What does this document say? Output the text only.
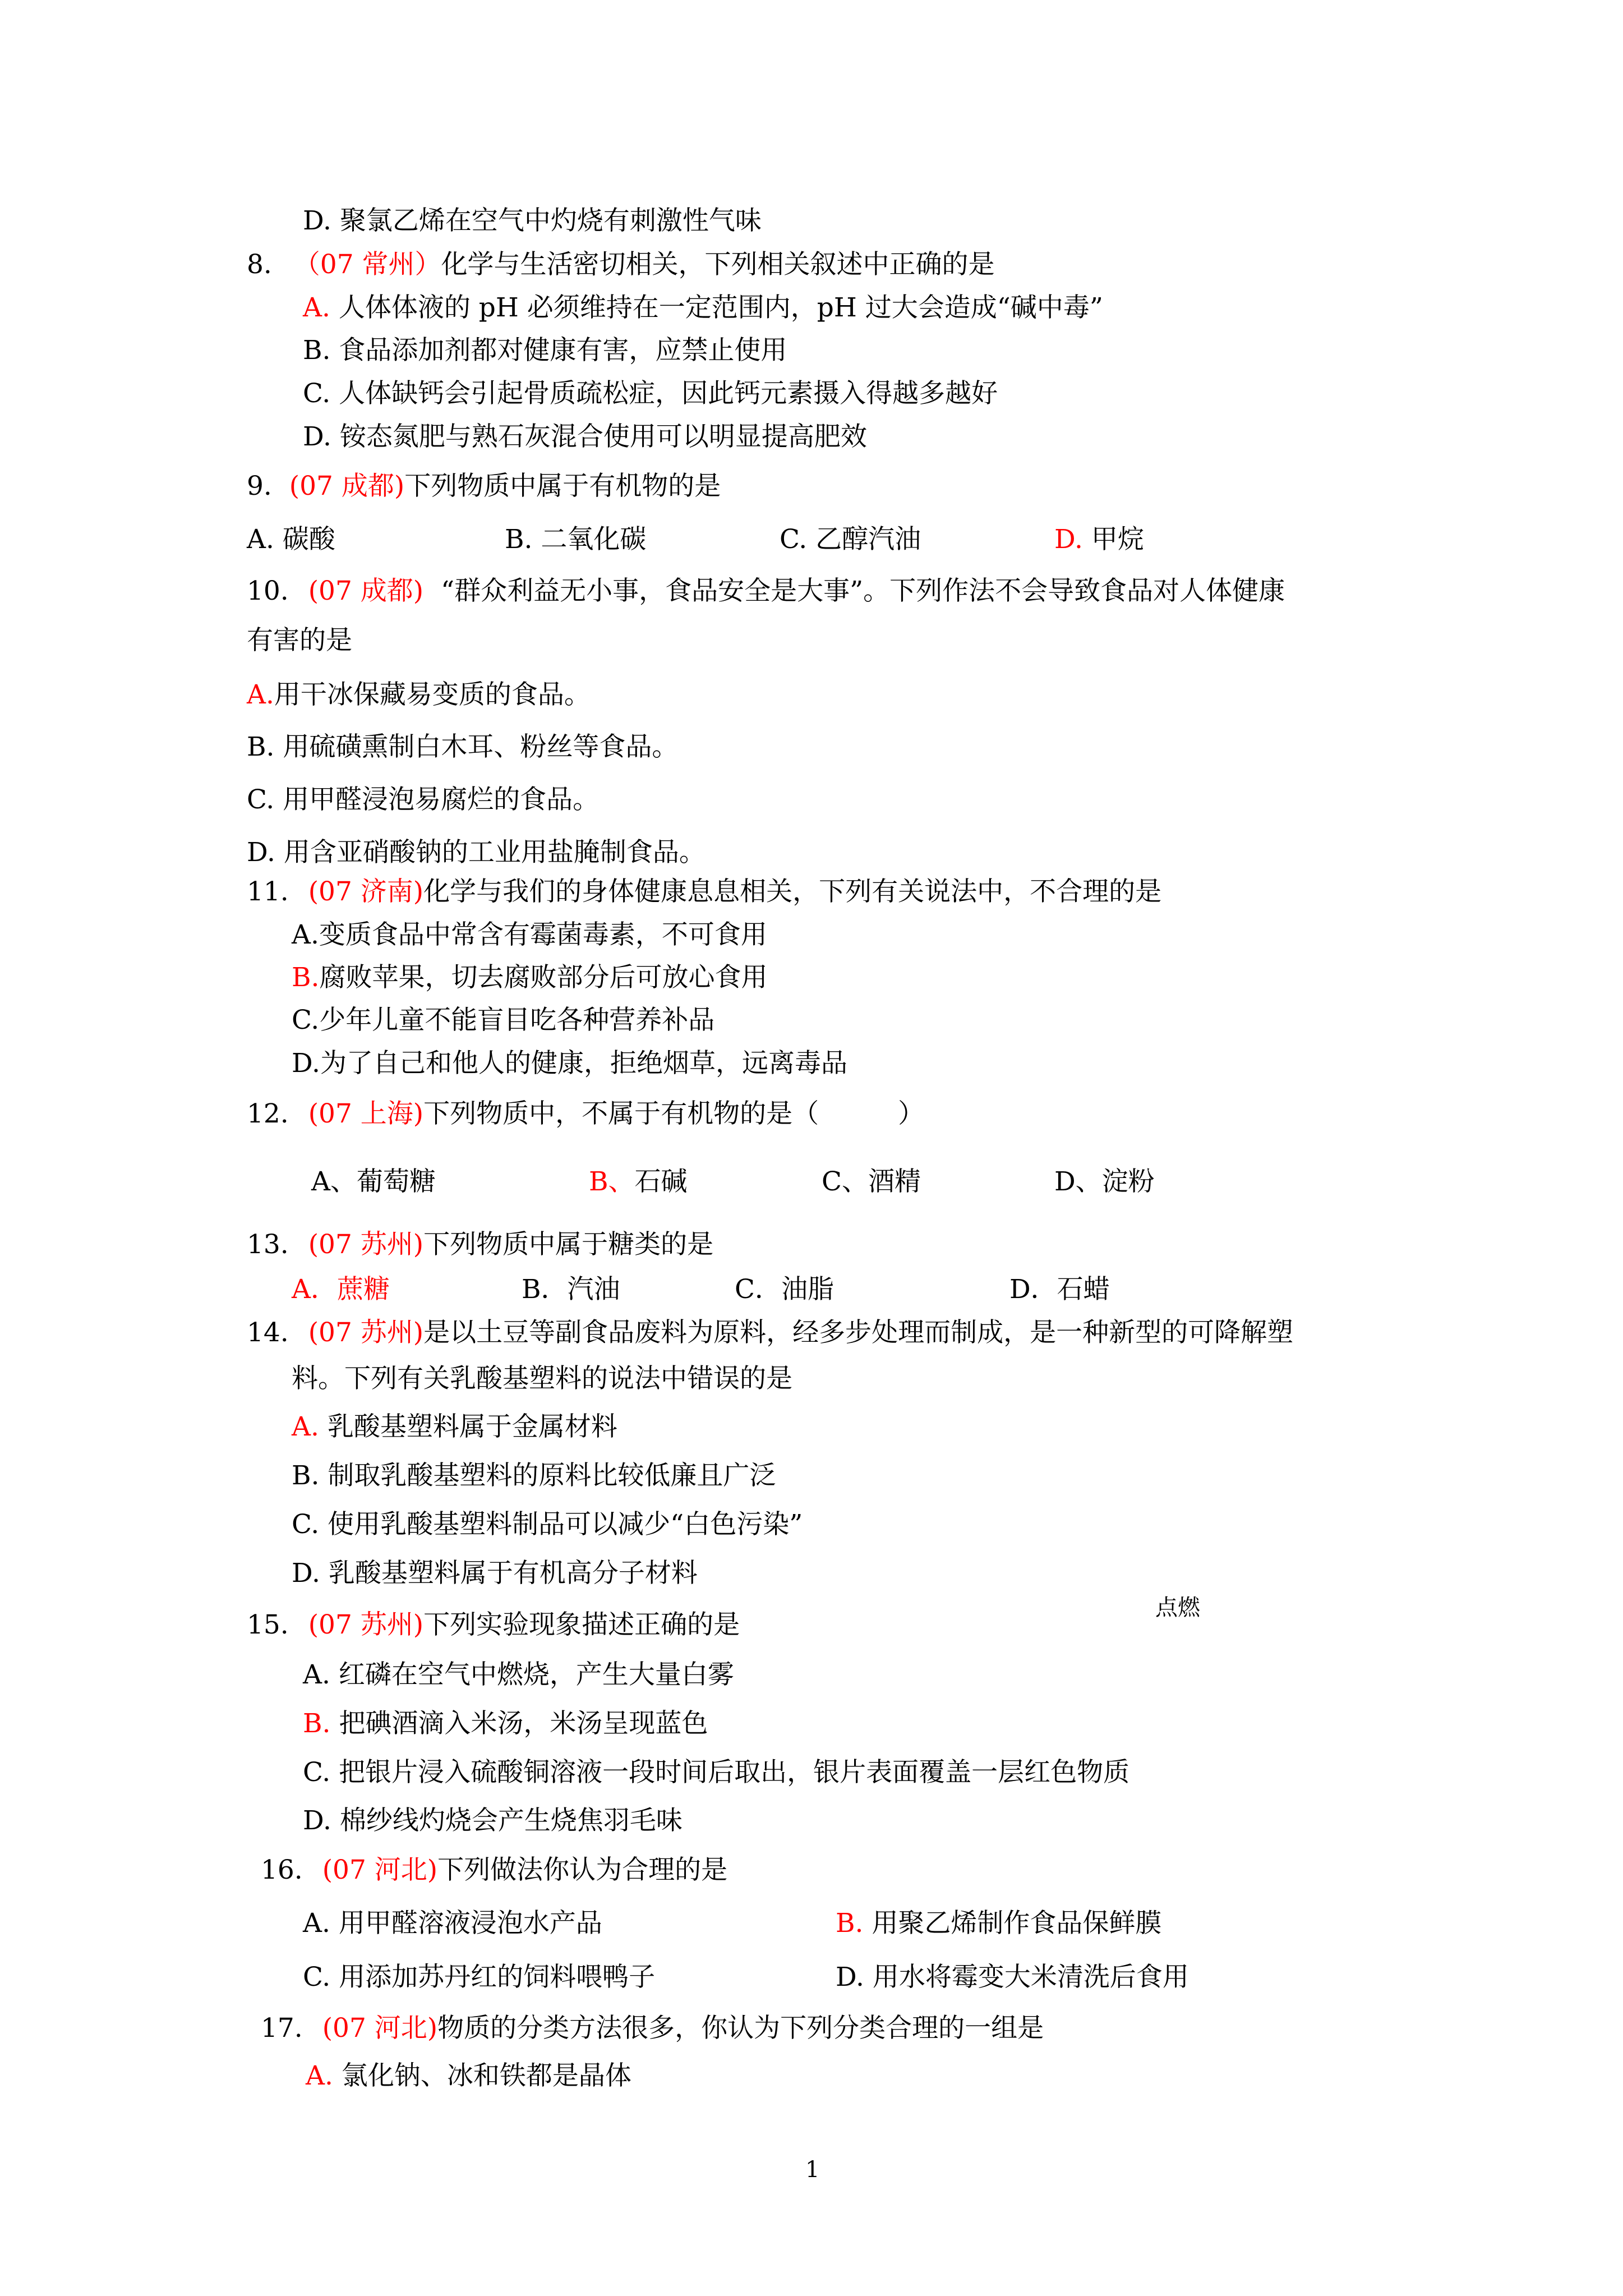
D. 聚氯乙烯在空气中灼烧有刺激性气味
8. （07 常州）化学与生活密切相关，下列相关叙述中正确的是
A. 人体体液的 pH 必须维持在一定范围内，pH 过大会造成“碱中毒”
B. 食品添加剂都对健康有害，应禁止使用
C. 人体缺钙会引起骨质疏松症，因此钙元素摄入得越多越好
D. 铵态氮肥与熟石灰混合使用可以明显提高肥效
9. (07 成都)下列物质中属于有机物的是
A. 碳酸	B. 二氧化碳	C. 乙醇汽油	D. 甲烷
10. (07 成都) “群众利益无小事，食品安全是大事”。下列作法不会导致食品对人体健康
有害的是
A.用干冰保藏易变质的食品。
B. 用硫磺熏制白木耳、粉丝等食品。
C. 用甲醛浸泡易腐烂的食品。
D. 用含亚硝酸钠的工业用盐腌制食品。
11. (07 济南)化学与我们的身体健康息息相关，下列有关说法中，不合理的是
A.变质食品中常含有霉菌毒素，不可食用
B.腐败苹果，切去腐败部分后可放心食用
C.少年儿童不能盲目吃各种营养补品
D.为了自己和他人的健康，拒绝烟草，远离毒品
12. (07 上海)下列物质中，不属于有机物的是（　　　）
A、葡萄糖	B、石碱	C、酒精	D、淀粉
13. (07 苏州)下列物质中属于糖类的是
A．蔗糖	B．汽油	C．油脂	D．石蜡
14. (07 苏州)是以土豆等副食品废料为原料，经多步处理而制成，是一种新型的可降解塑
料。下列有关乳酸基塑料的说法中错误的是
A. 乳酸基塑料属于金属材料
B. 制取乳酸基塑料的原料比较低廉且广泛
C. 使用乳酸基塑料制品可以减少“白色污染”
D. 乳酸基塑料属于有机高分子材料
15. (07 苏州)下列实验现象描述正确的是
点燃
A. 红磷在空气中燃烧，产生大量白雾
B. 把碘酒滴入米汤，米汤呈现蓝色
C. 把银片浸入硫酸铜溶液一段时间后取出，银片表面覆盖一层红色物质
D. 棉纱线灼烧会产生烧焦羽毛味
16. (07 河北)下列做法你认为合理的是
A. 用甲醛溶液浸泡水产品	B. 用聚乙烯制作食品保鲜膜
C. 用添加苏丹红的饲料喂鸭子	D. 用水将霉变大米清洗后食用
17. (07 河北)物质的分类方法很多，你认为下列分类合理的一组是
A. 氯化钠、冰和铁都是晶体
1
